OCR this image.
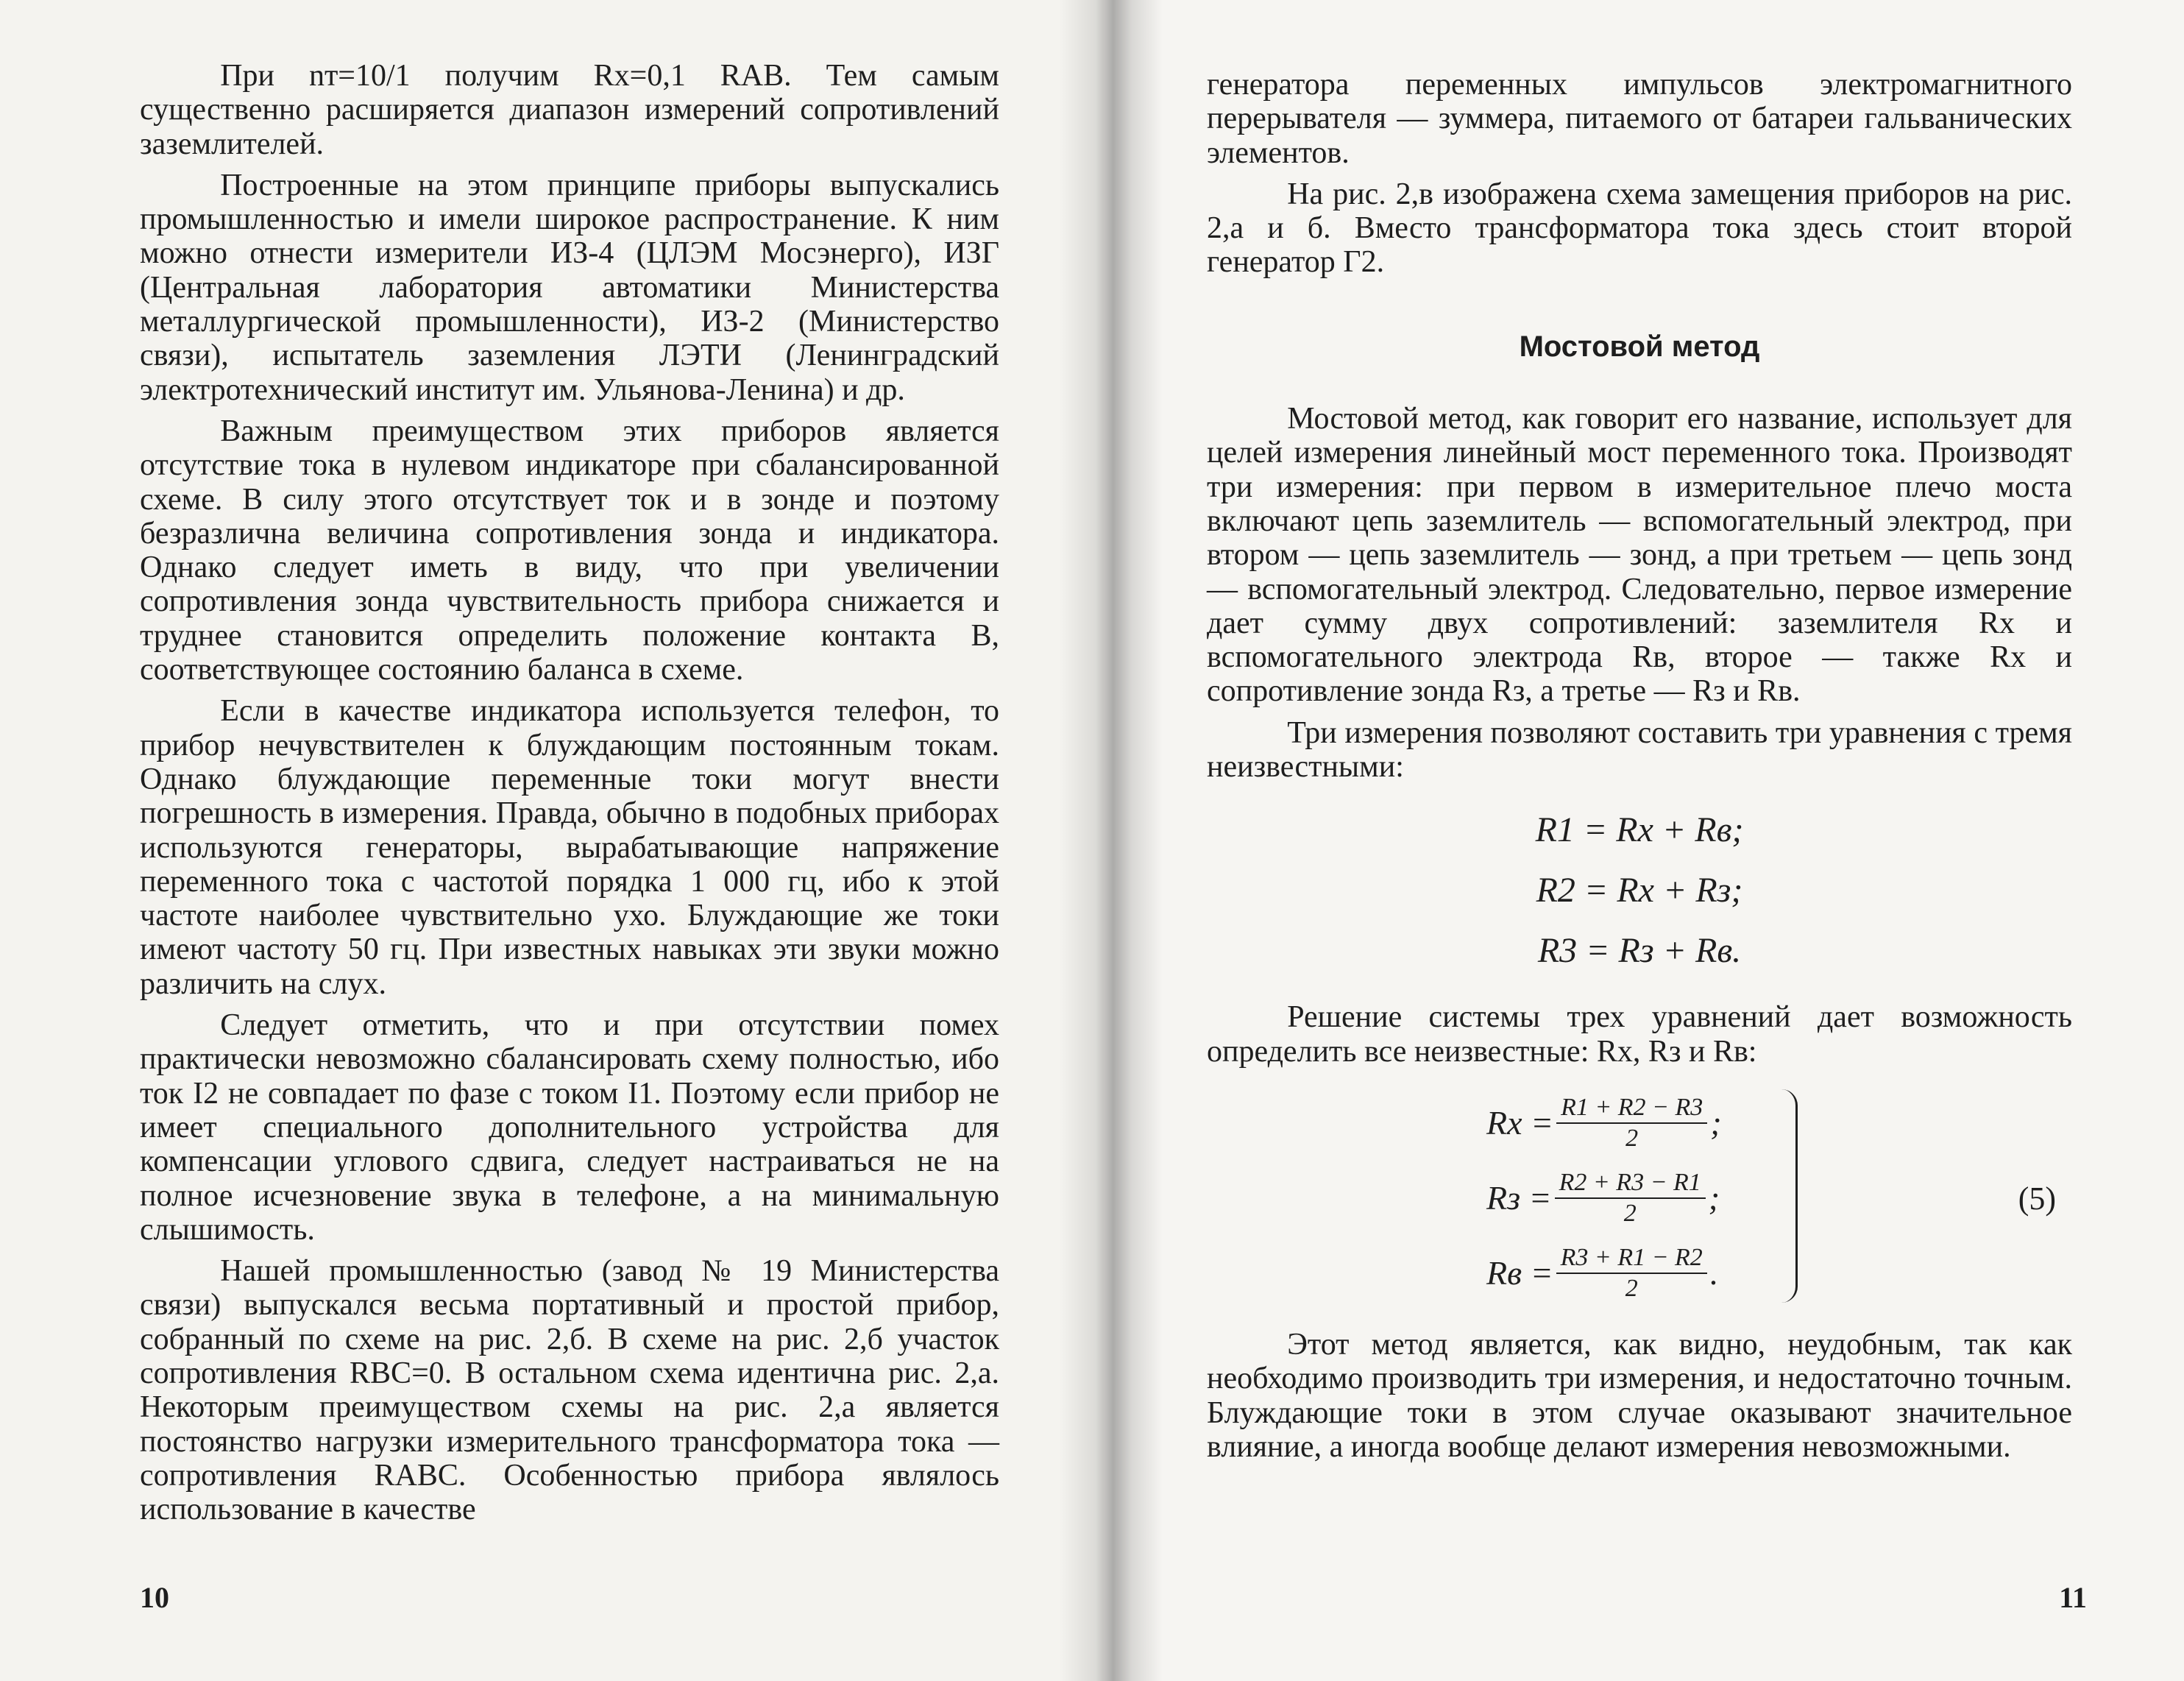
При nт=10/1 получим Rx=0,1 RAB. Тем самым существенно расширяется диапазон измерений сопротивлений заземлителей.

Построенные на этом принципе приборы выпускались промышленностью и имели широкое распространение. К ним можно отнести измерители ИЗ-4 (ЦЛЭМ Мосэнерго), ИЗГ (Центральная лаборатория автоматики Министерства металлургической промышленности), ИЗ-2 (Министерство связи), испытатель заземления ЛЭТИ (Ленинградский электротехнический институт им. Ульянова-Ленина) и др.

Важным преимуществом этих приборов является отсутствие тока в нулевом индикаторе при сбалансированной схеме. В силу этого отсутствует ток и в зонде и поэтому безразлична величина сопротивления зонда и индикатора. Однако следует иметь в виду, что при увеличении сопротивления зонда чувствительность прибора снижается и труднее становится определить положение контакта B, соответствующее состоянию баланса в схеме.

Если в качестве индикатора используется телефон, то прибор нечувствителен к блуждающим постоянным токам. Однако блуждающие переменные токи могут внести погрешность в измерения. Правда, обычно в подобных приборах используются генераторы, вырабатывающие напряжение переменного тока с частотой порядка 1 000 гц, ибо к этой частоте наиболее чувствительно ухо. Блуждающие же токи имеют частоту 50 гц. При известных навыках эти звуки можно различить на слух.

Следует отметить, что и при отсутствии помех практически невозможно сбалансировать схему полностью, ибо ток I2 не совпадает по фазе с током I1. Поэтому если прибор не имеет специального дополнительного устройства для компенсации углового сдвига, следует настраиваться не на полное исчезновение звука в телефоне, а на минимальную слышимость.

Нашей промышленностью (завод № 19 Министерства связи) выпускался весьма портативный и простой прибор, собранный по схеме на рис. 2,б. В схеме на рис. 2,б участок сопротивления RBC=0. В остальном схема идентична рис. 2,a. Некоторым преимуществом схемы на рис. 2,a является постоянство нагрузки измерительного трансформатора тока — сопротивления RABC. Особенностью прибора являлось использование в качестве

10

генератора переменных импульсов электромагнитного перерывателя — зуммера, питаемого от батареи гальванических элементов.

На рис. 2,в изображена схема замещения приборов на рис. 2,a и б. Вместо трансформатора тока здесь стоит второй генератор Г2.

Мостовой метод

Мостовой метод, как говорит его название, использует для целей измерения линейный мост переменного тока. Производят три измерения: при первом в измерительное плечо моста включают цепь заземлитель — вспомогательный электрод, при втором — цепь заземлитель — зонд, а при третьем — цепь зонд — вспомогательный электрод. Следовательно, первое измерение дает сумму двух сопротивлений: заземлителя Rx и вспомогательного электрода Rв, второе — также Rx и сопротивление зонда Rз, а третье — Rз и Rв.

Три измерения позволяют составить три уравнения с тремя неизвестными:

R1 = Rx + Rв;
R2 = Rx + Rз;
R3 = Rз + Rв.

Решение системы трех уравнений дает возможность определить все неизвестные: Rx, Rз и Rв:

$Rx = \frac{R1 + R2 - R3}{2}$ ;
Rз = $\frac{R2 + R3 - R1}{2}$ ;
Rв = $\frac{R3 + R1 - R2}{2}$ .
(5)

Этот метод является, как видно, неудобным, так как необходимо производить три измерения, и недостаточно точным. Блуждающие токи в этом случае оказывают значительное влияние, а иногда вообще делают измерения невозможными.

11
